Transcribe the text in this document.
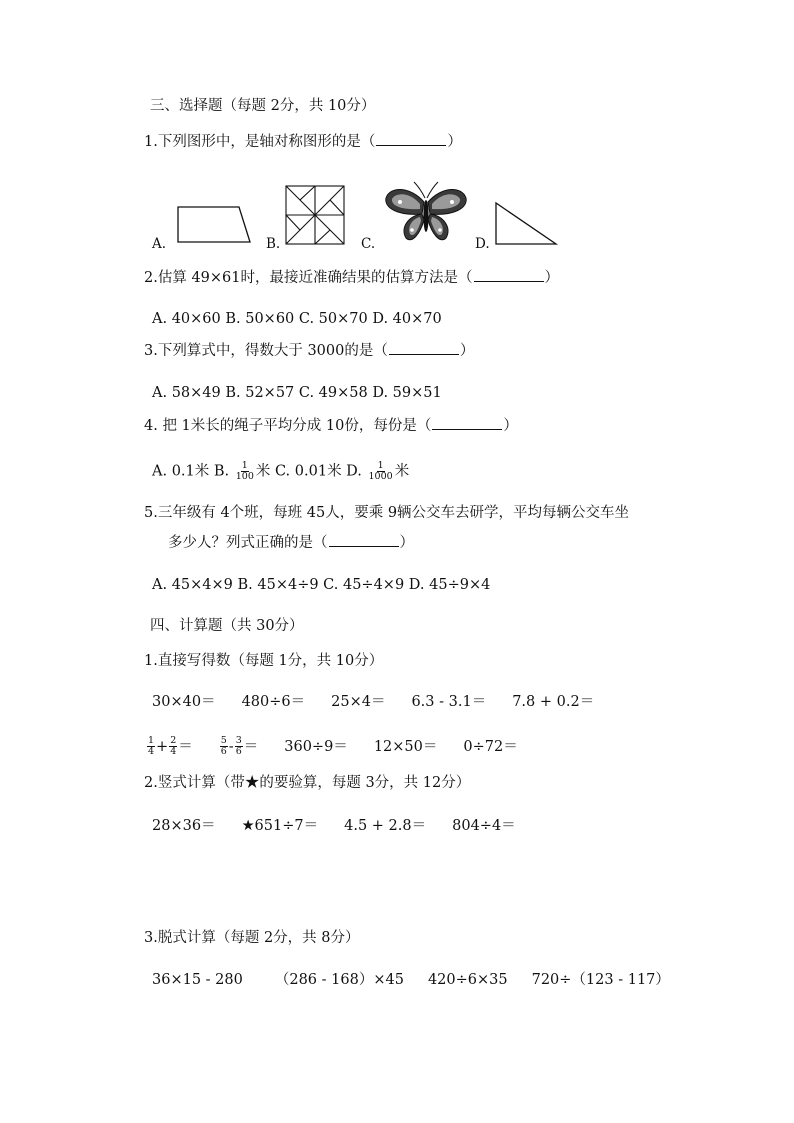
三、选择题（每题 2分，共 10分）
1.下列图形中，是轴对称图形的是（	）
A.	B.	C.	D.
2.估算 49×61时，最接近准确结果的估算方法是（	）
A. 40×60 B. 50×60 C. 50×70 D. 40×70
3.下列算式中，得数大于 3000的是（	）
A. 58×49 B. 52×57 C. 49×58 D. 59×51
4. 把 1米长的绳子平均分成 10份，每份是（	）
A. 0.1米 B. $\frac{1}{100}$ 米 C. 0.01米 D. $\frac{1}{1000}$ 米
5.三年级有 4个班，每班 45人，要乘 9辆公交车去研学，平均每辆公交车坐
多少人？列式正确的是（	）
A. 45×4×9 B. 45×4÷9 C. 45÷4×9 D. 45÷9×4
四、计算题（共 30分）
1.直接写得数（每题 1分，共 10分）
30×40＝ 480÷6＝ 25×4＝ 6.3 - 3.1＝ 7.8 + 0.2＝
$\frac{1}{4} + \frac{2}{4}$ ＝	$\frac{5}{6} - \frac{3}{6} = 360\div 9= 12\times 50= 0\div 72=$
2.竖式计算（带★的要验算，每题 3分，共 12分）
28×36＝ ★651÷7＝ 4.5 + 2.8＝ 804÷4＝
3.脱式计算（每题 2分，共 8分）
36×15 - 280 （286 - 168）×45 420÷6×35 720÷（123 - 117）
